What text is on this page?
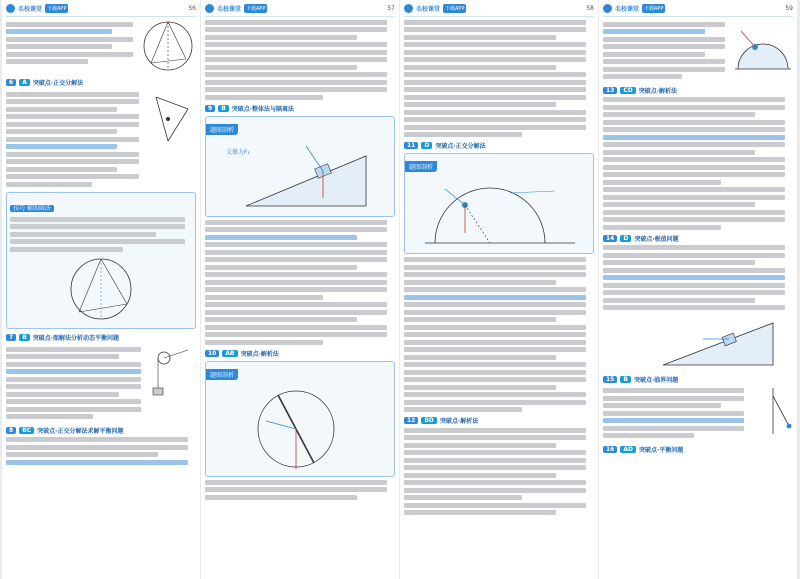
名校课堂	下载APP	56
6	A	突破点·正交分解法
技巧 辅助圆法
7	B	突破点·图解法分析动态平衡问题
8	BC	突破点·正交分解法求解平衡问题
名校课堂	下载APP	57
9	B	突破点·整体法与隔离法
题图剖析
支撑力F₁
10	AB	突破点·解析法
题图剖析
名校课堂	下载APP	58
11	D	突破点·正交分解法
题图剖析
12	BD	突破点·解析法
名校课堂	下载APP	59
13	CD	突破点·解析法
14	D	突破点·极值问题
15	B	突破点·临界问题
16	AD	突破点·平衡问题
